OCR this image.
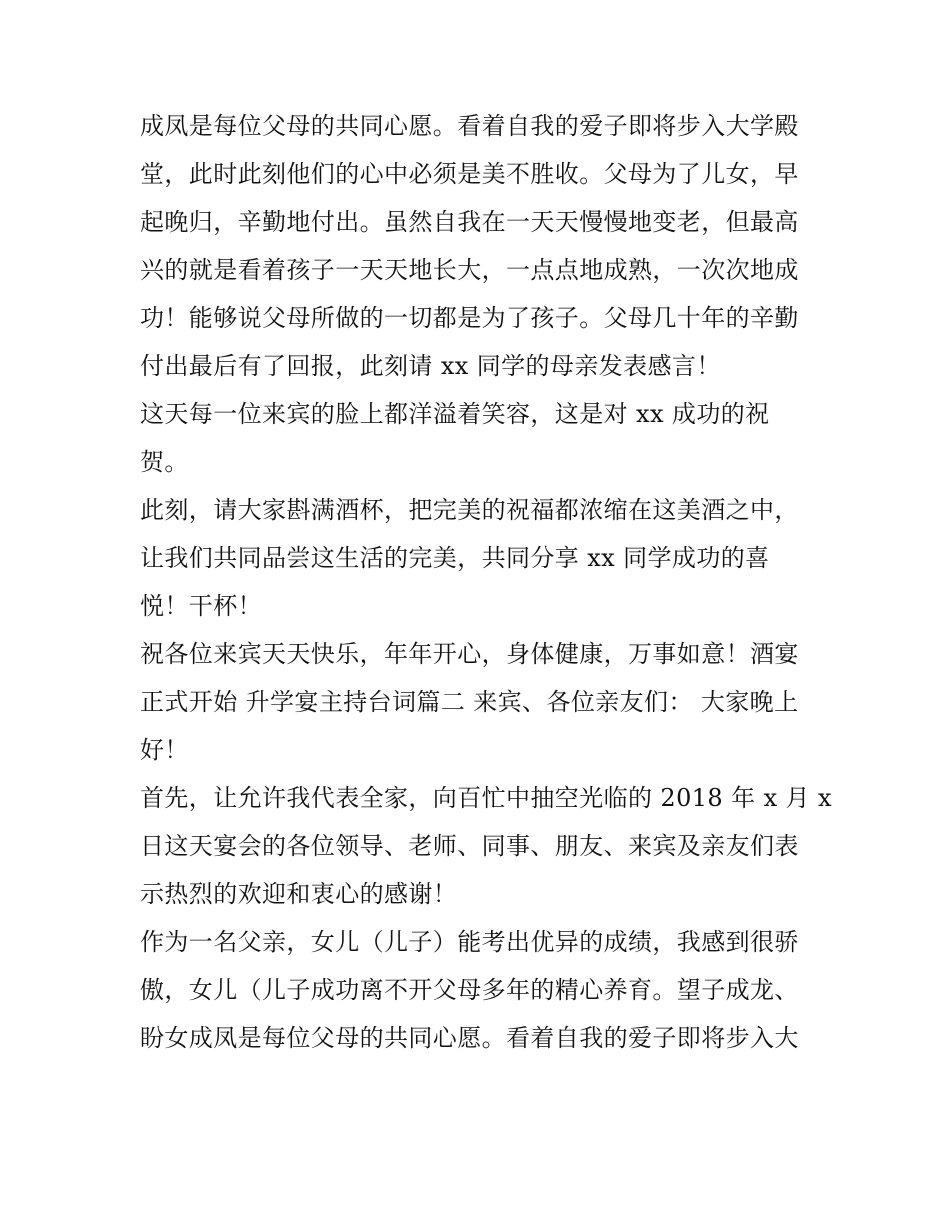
成凤是每位父母的共同心愿。看着自我的爱子即将步入大学殿
堂，此时此刻他们的心中必须是美不胜收。父母为了儿女，早
起晚归，辛勤地付出。虽然自我在一天天慢慢地变老，但最高
兴的就是看着孩子一天天地长大，一点点地成熟，一次次地成
功！能够说父母所做的一切都是为了孩子。父母几十年的辛勤
付出最后有了回报，此刻请 xx 同学的母亲发表感言！
这天每一位来宾的脸上都洋溢着笑容，这是对 xx 成功的祝
贺。
此刻，请大家斟满酒杯，把完美的祝福都浓缩在这美酒之中，
让我们共同品尝这生活的完美，共同分享 xx 同学成功的喜
悦！干杯！
祝各位来宾天天快乐，年年开心，身体健康，万事如意！酒宴
正式开始 升学宴主持台词篇二 来宾、各位亲友们： 大家晚上
好！
首先，让允许我代表全家，向百忙中抽空光临的 2018 年 x 月 x
日这天宴会的各位领导、老师、同事、朋友、来宾及亲友们表
示热烈的欢迎和衷心的感谢！
作为一名父亲，女儿（儿子）能考出优异的成绩，我感到很骄
傲，女儿（儿子成功离不开父母多年的精心养育。望子成龙、
盼女成凤是每位父母的共同心愿。看着自我的爱子即将步入大
